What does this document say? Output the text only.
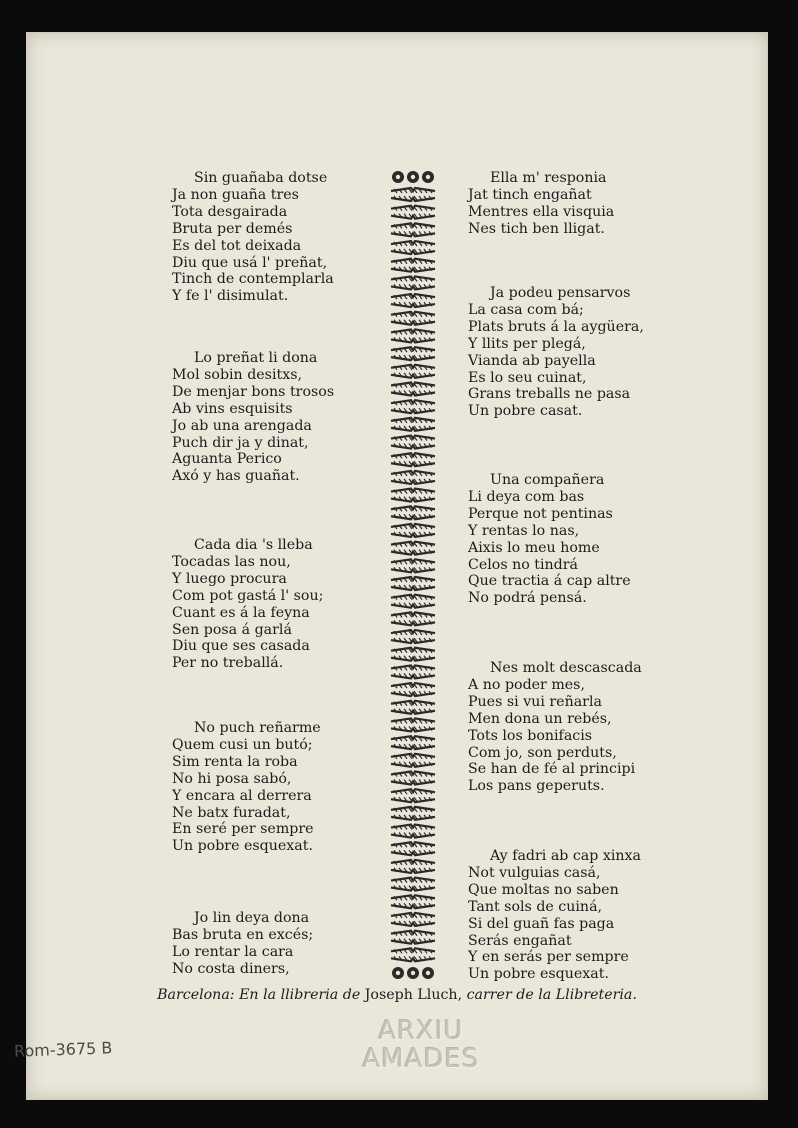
Sin guañaba dotse
Ja non guaña tres
Tota desgairada
Bruta per demés
Es del tot deixada
Diu que usá l' preñat,
Tinch de contemplarla
Y fe l' disimulat.
Lo preñat li dona
Mol sobin desitxs,
De menjar bons trosos
Ab vins esquisits
Jo ab una arengada
Puch dir ja y dinat,
Aguanta Perico
Axó y has guañat.
Cada dia 's lleba
Tocadas las nou,
Y luego procura
Com pot gastá l' sou;
Cuant es á la feyna
Sen posa á garlá
Diu que ses casada
Per no treballá.
No puch reñarme
Quem cusi un butó;
Sim renta la roba
No hi posa sabó,
Y encara al derrera
Ne batx furadat,
En seré per sempre
Un pobre esquexat.
Jo lin deya dona
Bas bruta en excés;
Lo rentar la cara
No costa diners,
Ella m' responia
Jat tinch engañat
Mentres ella visquia
Nes tich ben lligat.
Ja podeu pensarvos
La casa com bá;
Plats bruts á la aygüera,
Y llits per plegá,
Vianda ab payella
Es lo seu cuinat,
Grans treballs ne pasa
Un pobre casat.
Una compañera
Li deya com bas
Perque not pentinas
Y rentas lo nas,
Aixis lo meu home
Celos no tindrá
Que tractia á cap altre
No podrá pensá.
Nes molt descascada
A no poder mes,
Pues si vui reñarla
Men dona un rebés,
Tots los bonifacis
Com jo, son perduts,
Se han de fé al principi
Los pans geperuts.
Ay fadri ab cap xinxa
Not vulguias casá,
Que moltas no saben
Tant sols de cuiná,
Si del guañ fas paga
Serás engañat
Y en serás per sempre
Un pobre esquexat.
Barcelona: En la llibreria de Joseph Lluch, carrer de la Llibreteria.
ARXIU
AMADES
Rom-3675 B
